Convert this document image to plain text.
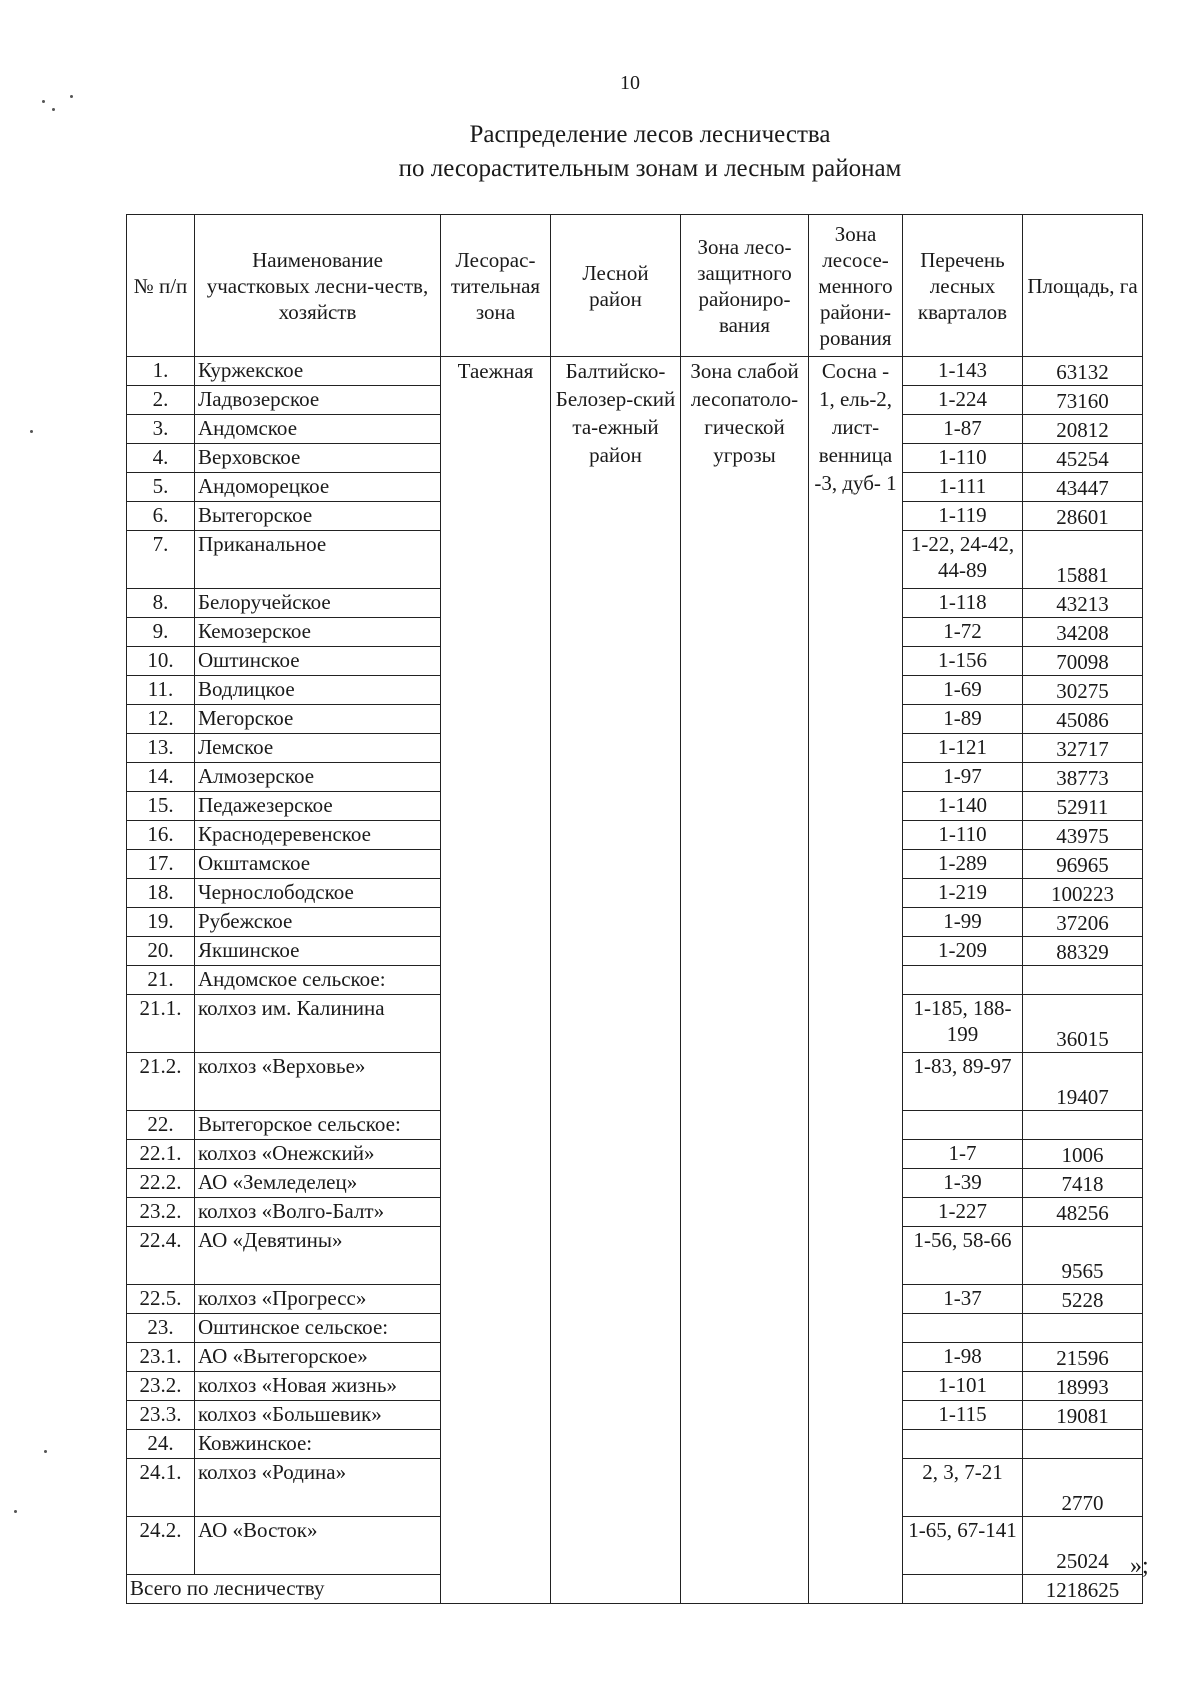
10
Распределение лесов лесничества
по лесорастительным зонам и лесным районам
№ п/п	Наименование участковых лесни-честв, хозяйств	Лесорас-тительная зона	Лесной район	Зона лесо-защитного райониро-вания	Зона лесосе-менного райони-рования	Перечень лесных кварталов	Площадь, га
1.	Куржекское	Таежная	Балтийско-Белозер-ский та-ежный район	Зона слабой лесопатоло-гической угрозы	Сосна - 1, ель-2, лист-венница -3, дуб- 1	1-143	63132
2.	Ладвозерское					1-224	73160
3.	Андомское					1-87	20812
4.	Верховское					1-110	45254
5.	Андоморецкое					1-111	43447
6.	Вытегорское					1-119	28601
7.	Приканальное					1-22, 24-42, 44-89	15881
8.	Белоручейское					1-118	43213
9.	Кемозерское					1-72	34208
10.	Оштинское					1-156	70098
11.	Водлицкое					1-69	30275
12.	Мегорское					1-89	45086
13.	Лемское					1-121	32717
14.	Алмозерское					1-97	38773
15.	Педажезерское					1-140	52911
16.	Краснодеревенское					1-110	43975
17.	Окштамское					1-289	96965
18.	Чернослободское					1-219	100223
19.	Рубежское					1-99	37206
20.	Якшинское					1-209	88329
21.	Андомское сельское:						
21.1.	колхоз им. Калинина					1-185, 188-199	36015
21.2.	колхоз «Верховье»					1-83, 89-97	19407
22.	Вытегорское сельское:						
22.1.	колхоз «Онежский»					1-7	1006
22.2.	АО «Земледелец»					1-39	7418
23.2.	колхоз «Волго-Балт»					1-227	48256
22.4.	АО «Девятины»					1-56, 58-66	9565
22.5.	колхоз «Прогресс»					1-37	5228
23.	Оштинское сельское:						
23.1.	АО «Вытегорское»					1-98	21596
23.2.	колхоз «Новая жизнь»					1-101	18993
23.3.	колхоз «Большевик»					1-115	19081
24.	Ковжинское:						
24.1.	колхоз «Родина»					2, 3, 7-21	2770
24.2.	АО «Восток»					1-65, 67-141	25024
Всего по лесничеству							1218625
»;
